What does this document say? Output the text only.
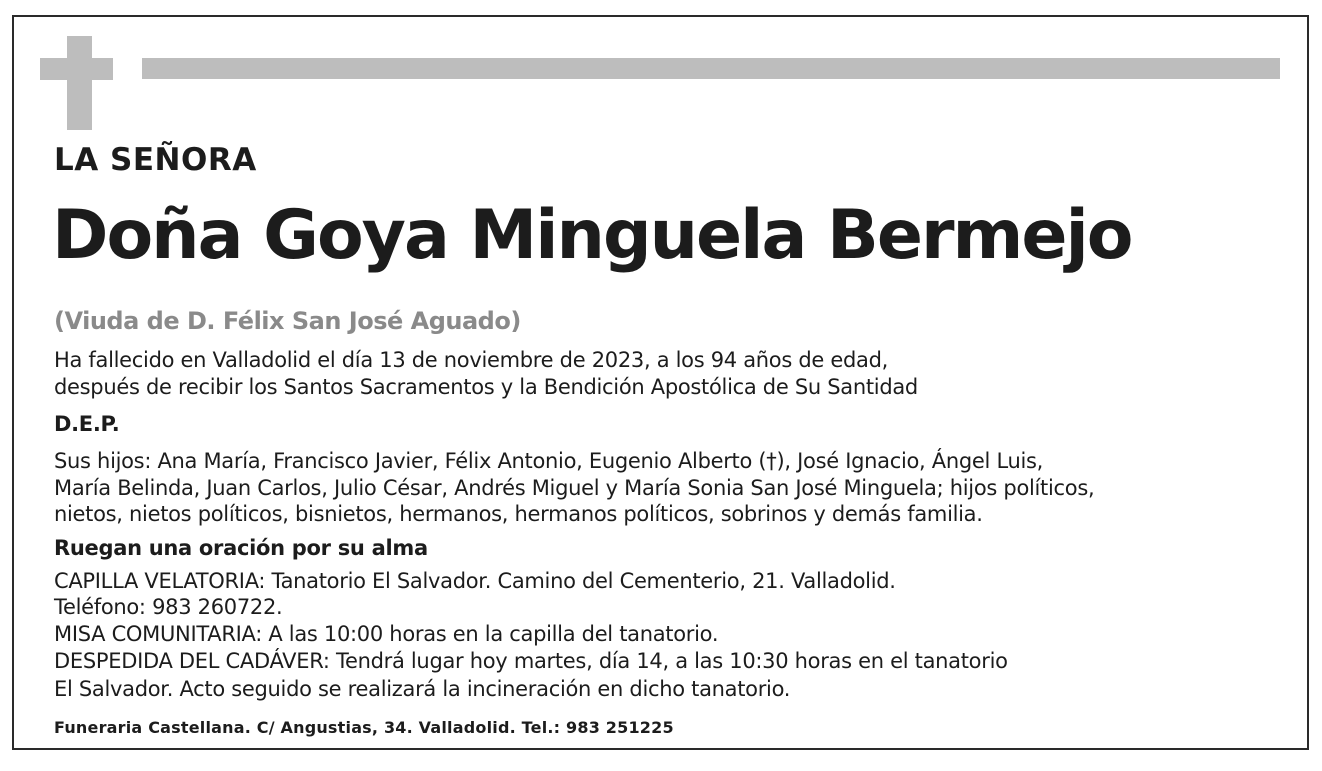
LA SEÑORA
Doña Goya Minguela Bermejo
(Viuda de D. Félix San José Aguado)
Ha fallecido en Valladolid el día 13 de noviembre de 2023, a los 94 años de edad,
después de recibir los Santos Sacramentos y la Bendición Apostólica de Su Santidad
D.E.P.
Sus hijos: Ana María, Francisco Javier, Félix Antonio, Eugenio Alberto (†), José Ignacio, Ángel Luis,
María Belinda, Juan Carlos, Julio César, Andrés Miguel y María Sonia San José Minguela; hijos políticos,
nietos, nietos políticos, bisnietos, hermanos, hermanos políticos, sobrinos y demás familia.
Ruegan una oración por su alma
CAPILLA VELATORIA: Tanatorio El Salvador. Camino del Cementerio, 21. Valladolid.
Teléfono: 983 260722.
MISA COMUNITARIA: A las 10:00 horas en la capilla del tanatorio.
DESPEDIDA DEL CADÁVER: Tendrá lugar hoy martes, día 14, a las 10:30 horas en el tanatorio
El Salvador. Acto seguido se realizará la incineración en dicho tanatorio.
Funeraria Castellana. C/ Angustias, 34. Valladolid. Tel.: 983 251225
